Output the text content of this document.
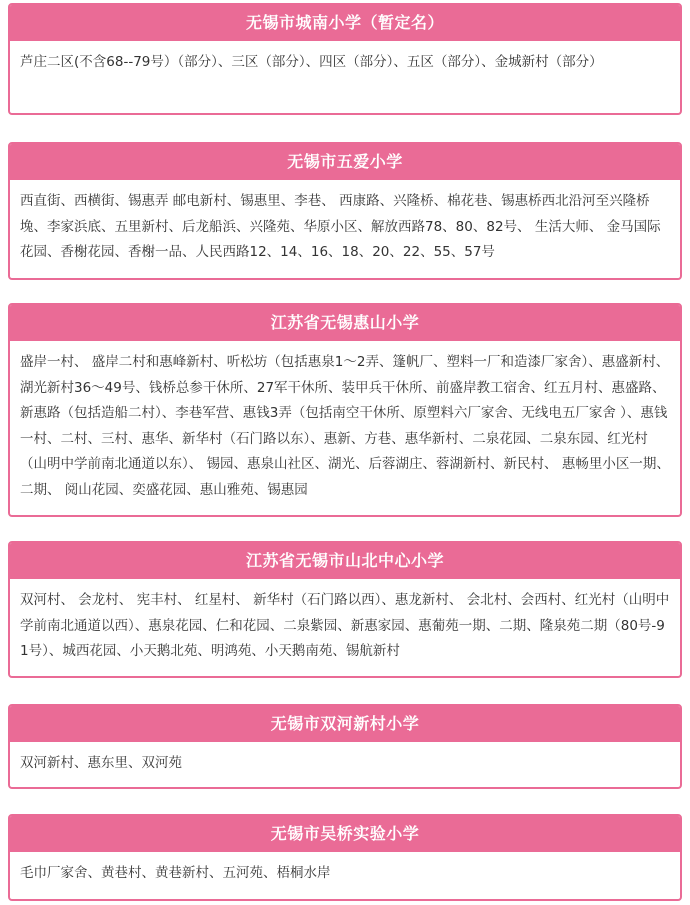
无锡市城南小学（暂定名）
芦庄二区(不含68--79号）（部分）、三区（部分）、四区（部分）、五区（部分）、金城新村（部分）
无锡市五爱小学
西直街、西横街、锡惠弄 邮电新村、锡惠里、李巷、 西康路、兴隆桥、棉花巷、锡惠桥西北沿河至兴隆桥堍、李家浜底、五里新村、后龙船浜、兴隆苑、华原小区、解放西路78、80、82号、 生活大师、 金马国际花园、香榭花园、香榭一品、人民西路12、14、16、18、20、22、55、57号
江苏省无锡惠山小学
盛岸一村、 盛岸二村和惠峰新村、听松坊（包括惠泉1～2弄、篷帆厂、塑料一厂和造漆厂家舍）、惠盛新村、湖光新村36～49号、钱桥总参干休所、27军干休所、装甲兵干休所、前盛岸教工宿舍、红五月村、惠盛路、新惠路（包括造船二村）、李巷军营、惠钱3弄（包括南空干休所、原塑料六厂家舍、无线电五厂家舍 ）、惠钱一村、二村、三村、惠华、新华村（石门路以东）、惠新、方巷、惠华新村、二泉花园、二泉东园、红光村（山明中学前南北通道以东）、 锡园、惠泉山社区、湖光、后蓉湖庄、蓉湖新村、新民村、 惠畅里小区一期、二期、 阅山花园、奕盛花园、惠山雅苑、锡惠园
江苏省无锡市山北中心小学
双河村、 会龙村、 宪丰村、 红星村、 新华村（石门路以西）、惠龙新村、 会北村、会西村、红光村（山明中学前南北通道以西）、惠泉花园、仁和花园、二泉紫园、新惠家园、惠葡苑一期、二期、隆泉苑二期（80号-91号）、城西花园、小天鹅北苑、明鸿苑、小天鹅南苑、锡航新村
无锡市双河新村小学
双河新村、惠东里、双河苑
无锡市吴桥实验小学
毛巾厂家舍、黄巷村、黄巷新村、五河苑、梧桐水岸
